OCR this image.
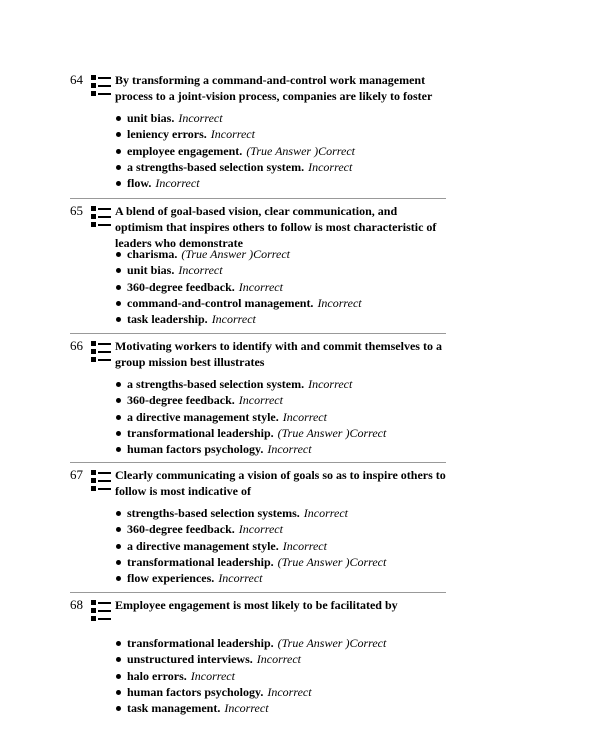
64	By transforming a command-and-control work management
process to a joint-vision process, companies are likely to foster
unit bias. Incorrect
leniency errors. Incorrect
employee engagement. (True Answer )Correct
a strengths-based selection system. Incorrect
flow. Incorrect
65	A blend of goal-based vision, clear communication, and
optimism that inspires others to follow is most characteristic of
leaders who demonstrate
charisma. (True Answer )Correct
unit bias. Incorrect
360-degree feedback. Incorrect
command-and-control management. Incorrect
task leadership. Incorrect
66	Motivating workers to identify with and commit themselves to a
group mission best illustrates
a strengths-based selection system. Incorrect
360-degree feedback. Incorrect
a directive management style. Incorrect
transformational leadership. (True Answer )Correct
human factors psychology. Incorrect
67	Clearly communicating a vision of goals so as to inspire others to
follow is most indicative of
strengths-based selection systems. Incorrect
360-degree feedback. Incorrect
a directive management style. Incorrect
transformational leadership. (True Answer )Correct
flow experiences. Incorrect
68	Employee engagement is most likely to be facilitated by
transformational leadership. (True Answer )Correct
unstructured interviews. Incorrect
halo errors. Incorrect
human factors psychology. Incorrect
task management. Incorrect
